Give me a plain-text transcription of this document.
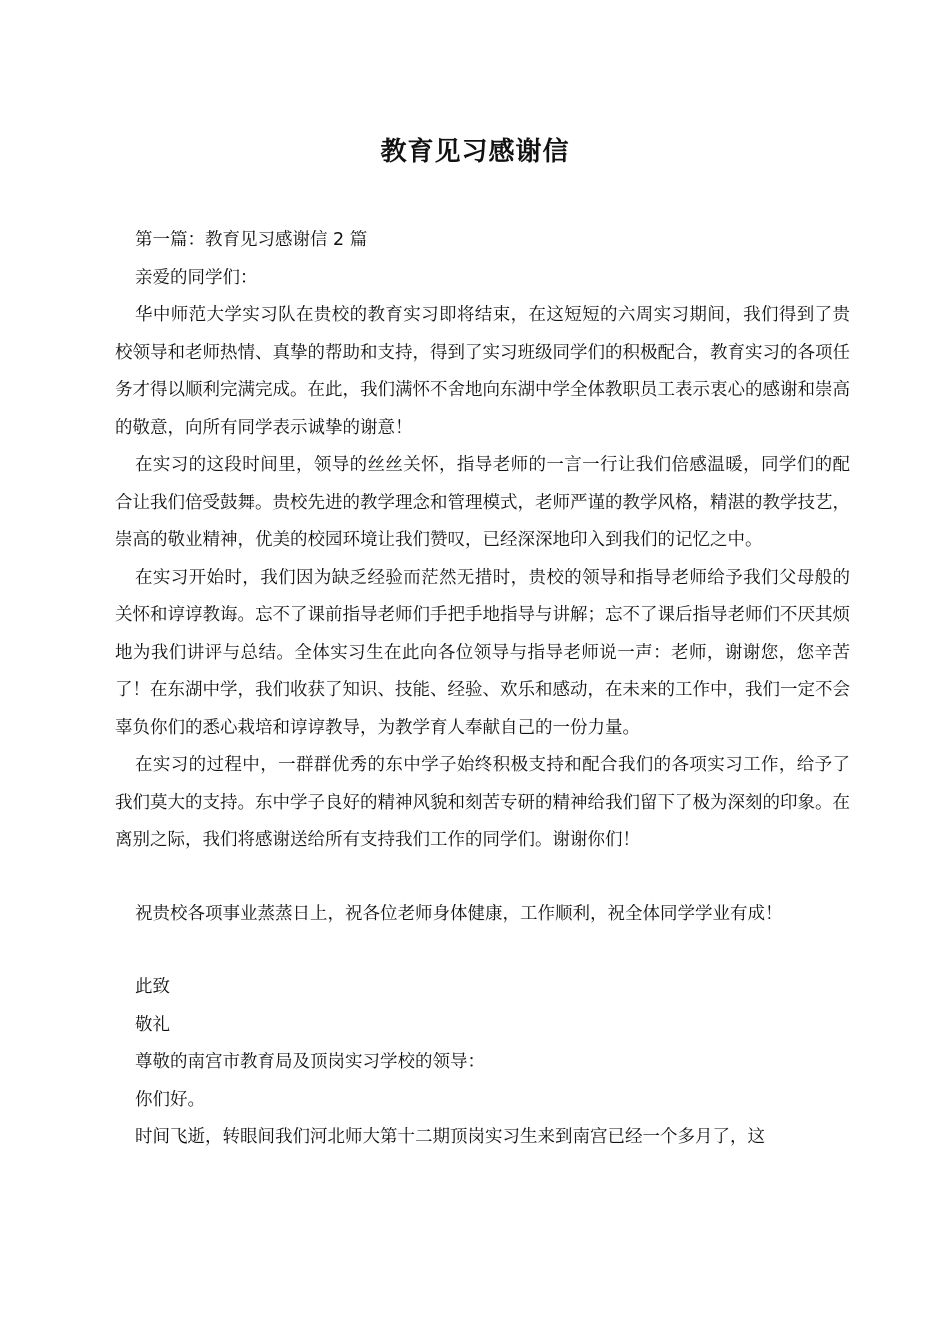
教育见习感谢信

第一篇：教育见习感谢信 2 篇

亲爱的同学们：

华中师范大学实习队在贵校的教育实习即将结束，在这短短的六周实习期间，我们得到了贵校领导和老师热情、真挚的帮助和支持，得到了实习班级同学们的积极配合，教育实习的各项任务才得以顺利完满完成。在此，我们满怀不舍地向东湖中学全体教职员工表示衷心的感谢和崇高的敬意，向所有同学表示诚挚的谢意！

在实习的这段时间里，领导的丝丝关怀，指导老师的一言一行让我们倍感温暖，同学们的配合让我们倍受鼓舞。贵校先进的教学理念和管理模式，老师严谨的教学风格，精湛的教学技艺，崇高的敬业精神，优美的校园环境让我们赞叹，已经深深地印入到我们的记忆之中。

在实习开始时，我们因为缺乏经验而茫然无措时，贵校的领导和指导老师给予我们父母般的关怀和谆谆教诲。忘不了课前指导老师们手把手地指导与讲解；忘不了课后指导老师们不厌其烦地为我们讲评与总结。全体实习生在此向各位领导与指导老师说一声：老师，谢谢您，您辛苦了！在东湖中学，我们收获了知识、技能、经验、欢乐和感动，在未来的工作中，我们一定不会辜负你们的悉心栽培和谆谆教导，为教学育人奉献自己的一份力量。

在实习的过程中，一群群优秀的东中学子始终积极支持和配合我们的各项实习工作，给予了我们莫大的支持。东中学子良好的精神风貌和刻苦专研的精神给我们留下了极为深刻的印象。在离别之际，我们将感谢送给所有支持我们工作的同学们。谢谢你们！

祝贵校各项事业蒸蒸日上，祝各位老师身体健康，工作顺利，祝全体同学学业有成！

此致

敬礼

尊敬的南宫市教育局及顶岗实习学校的领导：

你们好。

时间飞逝，转眼间我们河北师大第十二期顶岗实习生来到南宫已经一个多月了，这
